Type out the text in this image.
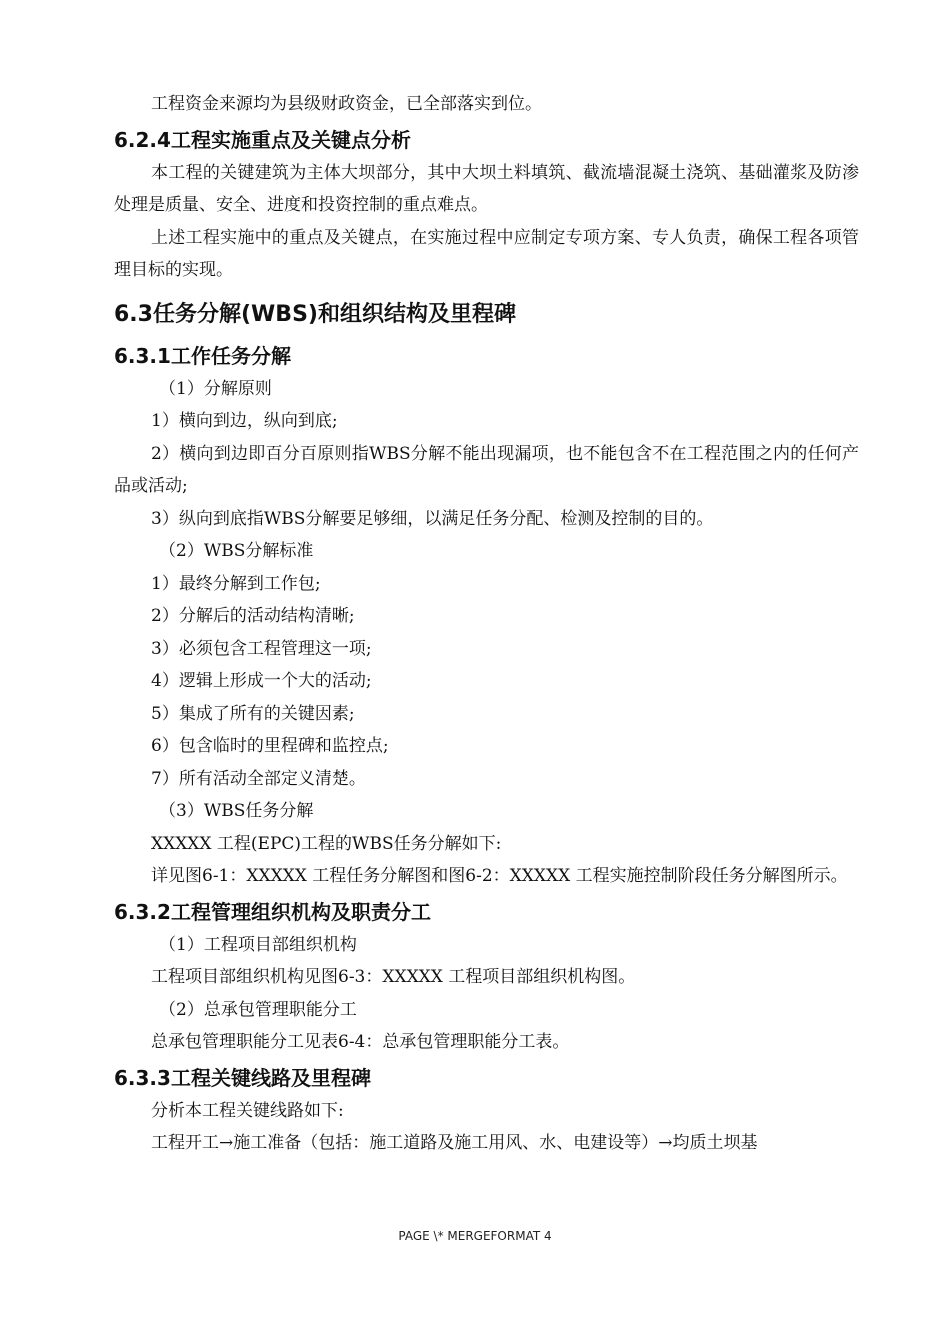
工程资金来源均为县级财政资金，已全部落实到位。

6.2.4工程实施重点及关键点分析

本工程的关键建筑为主体大坝部分，其中大坝土料填筑、截流墙混凝土浇筑、基础灌浆及防渗处理是质量、安全、进度和投资控制的重点难点。

上述工程实施中的重点及关键点，在实施过程中应制定专项方案、专人负责，确保工程各项管理目标的实现。

6.3任务分解(WBS)和组织结构及里程碑
6.3.1工作任务分解

（1）分解原则

1）横向到边，纵向到底;

2）横向到边即百分百原则指WBS分解不能出现漏项，也不能包含不在工程范围之内的任何产品或活动;

3）纵向到底指WBS分解要足够细，以满足任务分配、检测及控制的目的。

（2）WBS分解标准

1）最终分解到工作包;

2）分解后的活动结构清晰;

3）必须包含工程管理这一项;

4）逻辑上形成一个大的活动;

5）集成了所有的关键因素;

6）包含临时的里程碑和监控点;

7）所有活动全部定义清楚。

（3）WBS任务分解

XXXXX 工程(EPC)工程的WBS任务分解如下:

详见图6-1：XXXXX 工程任务分解图和图6-2：XXXXX 工程实施控制阶段任务分解图所示。

6.3.2工程管理组织机构及职责分工

（1）工程项目部组织机构

工程项目部组织机构见图6-3：XXXXX 工程项目部组织机构图。

（2）总承包管理职能分工

总承包管理职能分工见表6-4：总承包管理职能分工表。

6.3.3工程关键线路及里程碑

分析本工程关键线路如下:

工程开工→施工准备（包括：施工道路及施工用风、水、电建设等）→均质土坝基

PAGE \* MERGEFORMAT 4
